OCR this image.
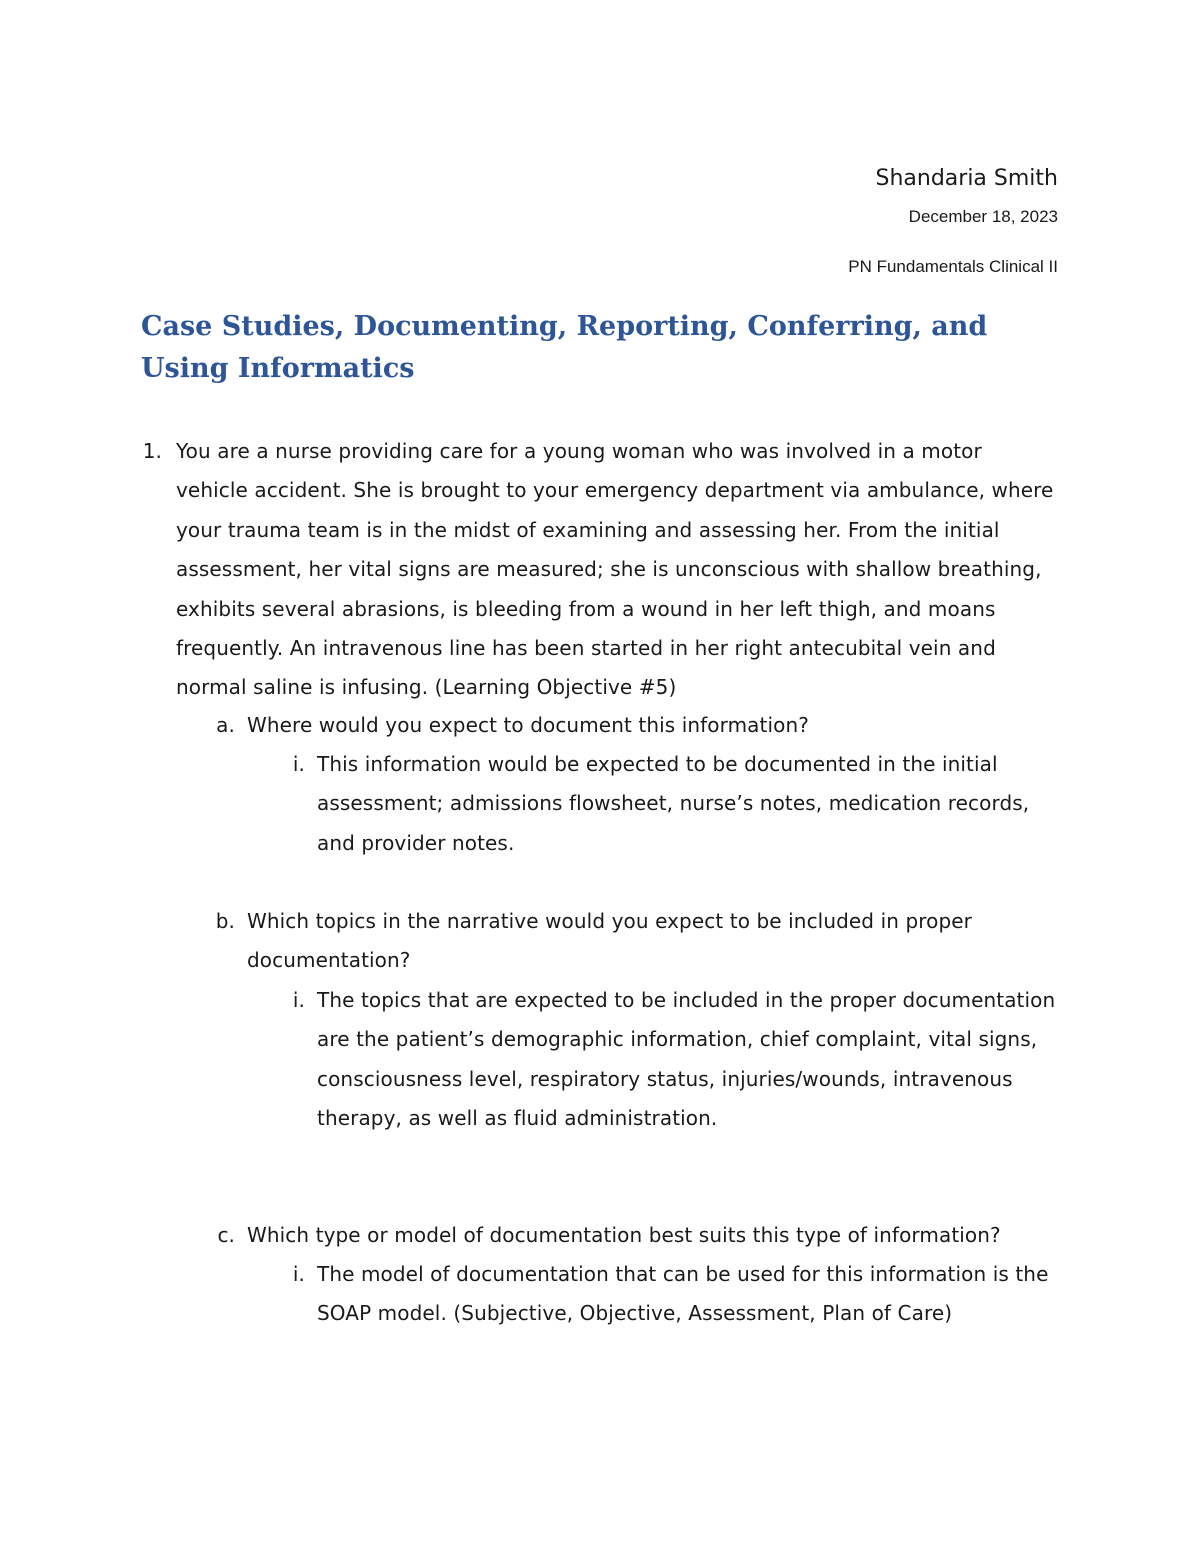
Shandaria Smith
December 18, 2023
PN Fundamentals Clinical II
Case Studies, Documenting, Reporting, Conferring, and Using Informatics
1. You are a nurse providing care for a young woman who was involved in a motor vehicle accident. She is brought to your emergency department via ambulance, where your trauma team is in the midst of examining and assessing her. From the initial assessment, her vital signs are measured; she is unconscious with shallow breathing, exhibits several abrasions, is bleeding from a wound in her left thigh, and moans frequently. An intravenous line has been started in her right antecubital vein and normal saline is infusing. (Learning Objective #5)
a. Where would you expect to document this information?
i. This information would be expected to be documented in the initial assessment; admissions flowsheet, nurse’s notes, medication records, and provider notes.
b. Which topics in the narrative would you expect to be included in proper documentation?
i. The topics that are expected to be included in the proper documentation are the patient’s demographic information, chief complaint, vital signs, consciousness level, respiratory status, injuries/wounds, intravenous therapy, as well as fluid administration.
c. Which type or model of documentation best suits this type of information?
i. The model of documentation that can be used for this information is the SOAP model. (Subjective, Objective, Assessment, Plan of Care)
